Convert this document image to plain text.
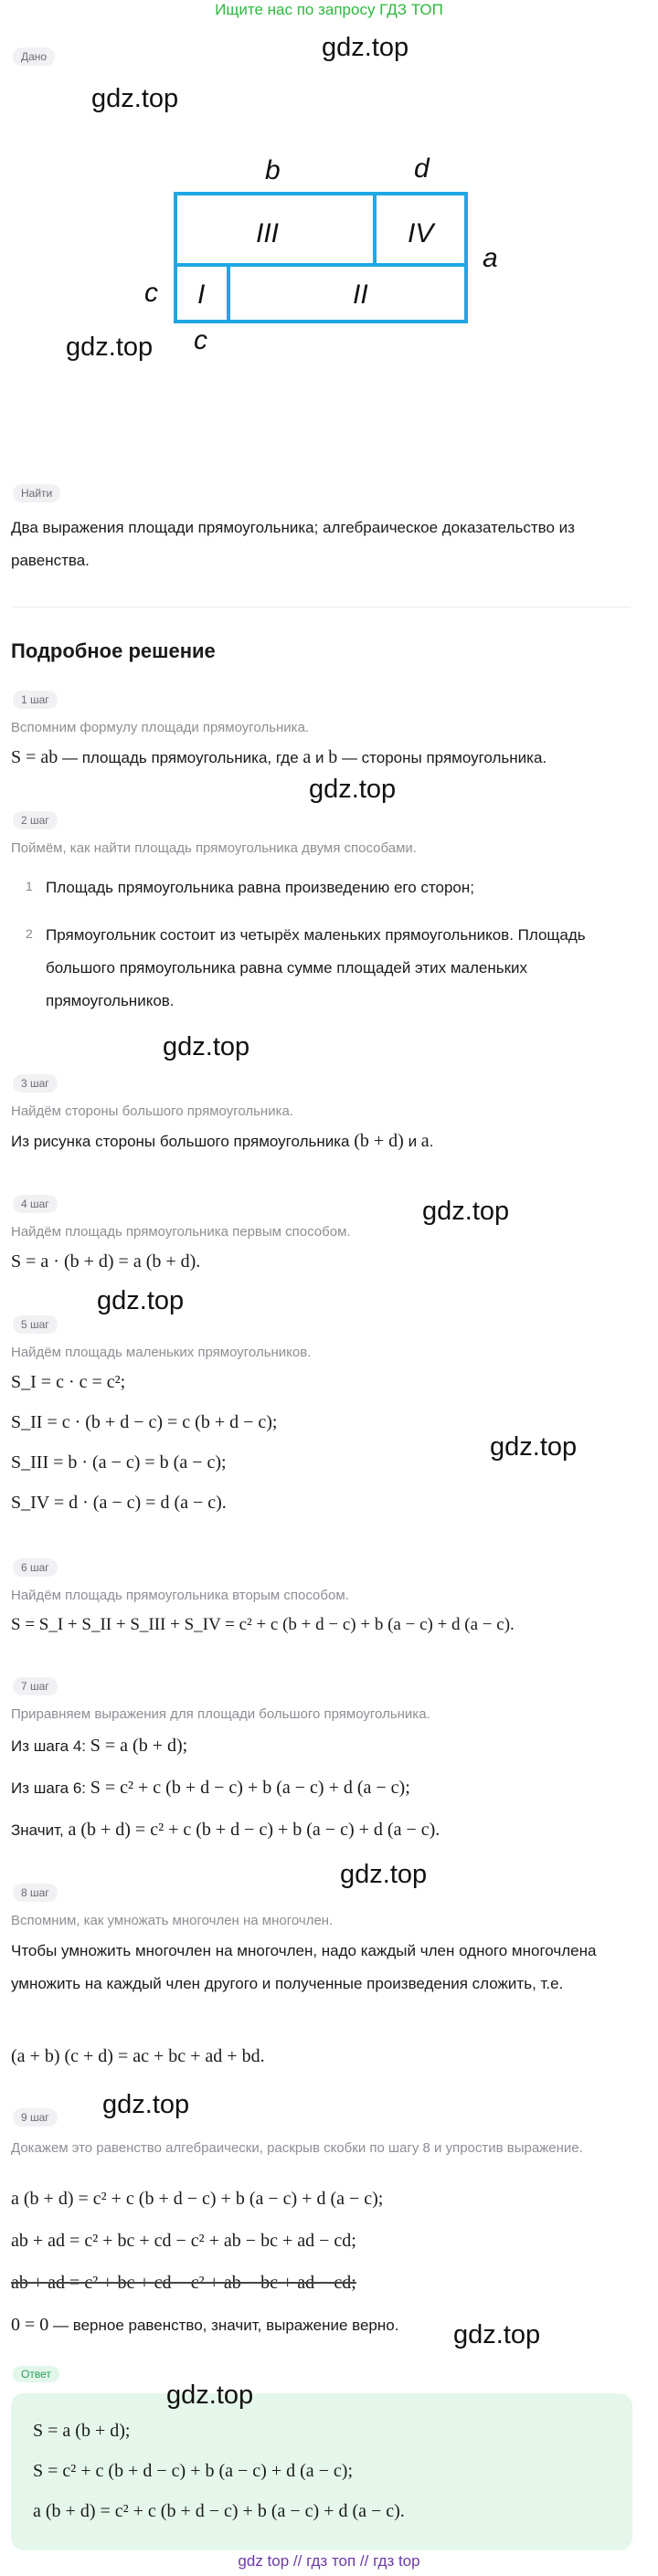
Ищите нас по запросу ГДЗ ТОП
Дано	gdz.top
gdz.top
gdz.top
b	d
a
c
c
III	IV
I	II
Найти
Два выражения площади прямоугольника; алгебраическое доказательство из равенства.
Подробное решение
1 шаг
Вспомним формулу площади прямоугольника.
S = ab — площадь прямоугольника, где a и b — стороны прямоугольника.
gdz.top
2 шаг
Поймём, как найти площадь прямоугольника двумя способами.
1 Площадь прямоугольника равна произведению его сторон;
2 Прямоугольник состоит из четырёх маленьких прямоугольников. Площадь большого прямоугольника равна сумме площадей этих маленьких прямоугольников.
gdz.top
3 шаг
Найдём стороны большого прямоугольника.
Из рисунка стороны большого прямоугольника (b + d) и a.
gdz.top
4 шаг
Найдём площадь прямоугольника первым способом.
S = a · (b + d) = a (b + d).
gdz.top
5 шаг
Найдём площадь маленьких прямоугольников.
S_I = c · c = c²;
S_II = c · (b + d − c) = c (b + d − c);
S_III = b · (a − c) = b (a − c);
S_IV = d · (a − c) = d (a − c).
gdz.top
6 шаг
Найдём площадь прямоугольника вторым способом.
S = S_I + S_II + S_III + S_IV = c² + c (b + d − c) + b (a − c) + d (a − c).
7 шаг
Приравняем выражения для площади большого прямоугольника.
Из шага 4: S = a (b + d);
Из шага 6: S = c² + c (b + d − c) + b (a − c) + d (a − c);
Значит, a (b + d) = c² + c (b + d − c) + b (a − c) + d (a − c).
gdz.top
8 шаг
Вспомним, как умножать многочлен на многочлен.
Чтобы умножить многочлен на многочлен, надо каждый член одного многочлена умножить на каждый член другого и полученные произведения сложить, т.е.
(a + b) (c + d) = ac + bc + ad + bd.
gdz.top
9 шаг
Докажем это равенство алгебраически, раскрыв скобки по шагу 8 и упростив выражение.
a (b + d) = c² + c (b + d − c) + b (a − c) + d (a − c);
ab + ad = c² + bc + cd − c² + ab − bc + ad − cd;
ab + ad = c² + bc + cd − c² + ab − bc + ad − cd;
0 = 0 — верное равенство, значит, выражение верно. gdz.top
Ответ
gdz.top
S = a (b + d);
S = c² + c (b + d − c) + b (a − c) + d (a − c);
a (b + d) = c² + c (b + d − c) + b (a − c) + d (a − c).
gdz top // гдз топ // гдз top
